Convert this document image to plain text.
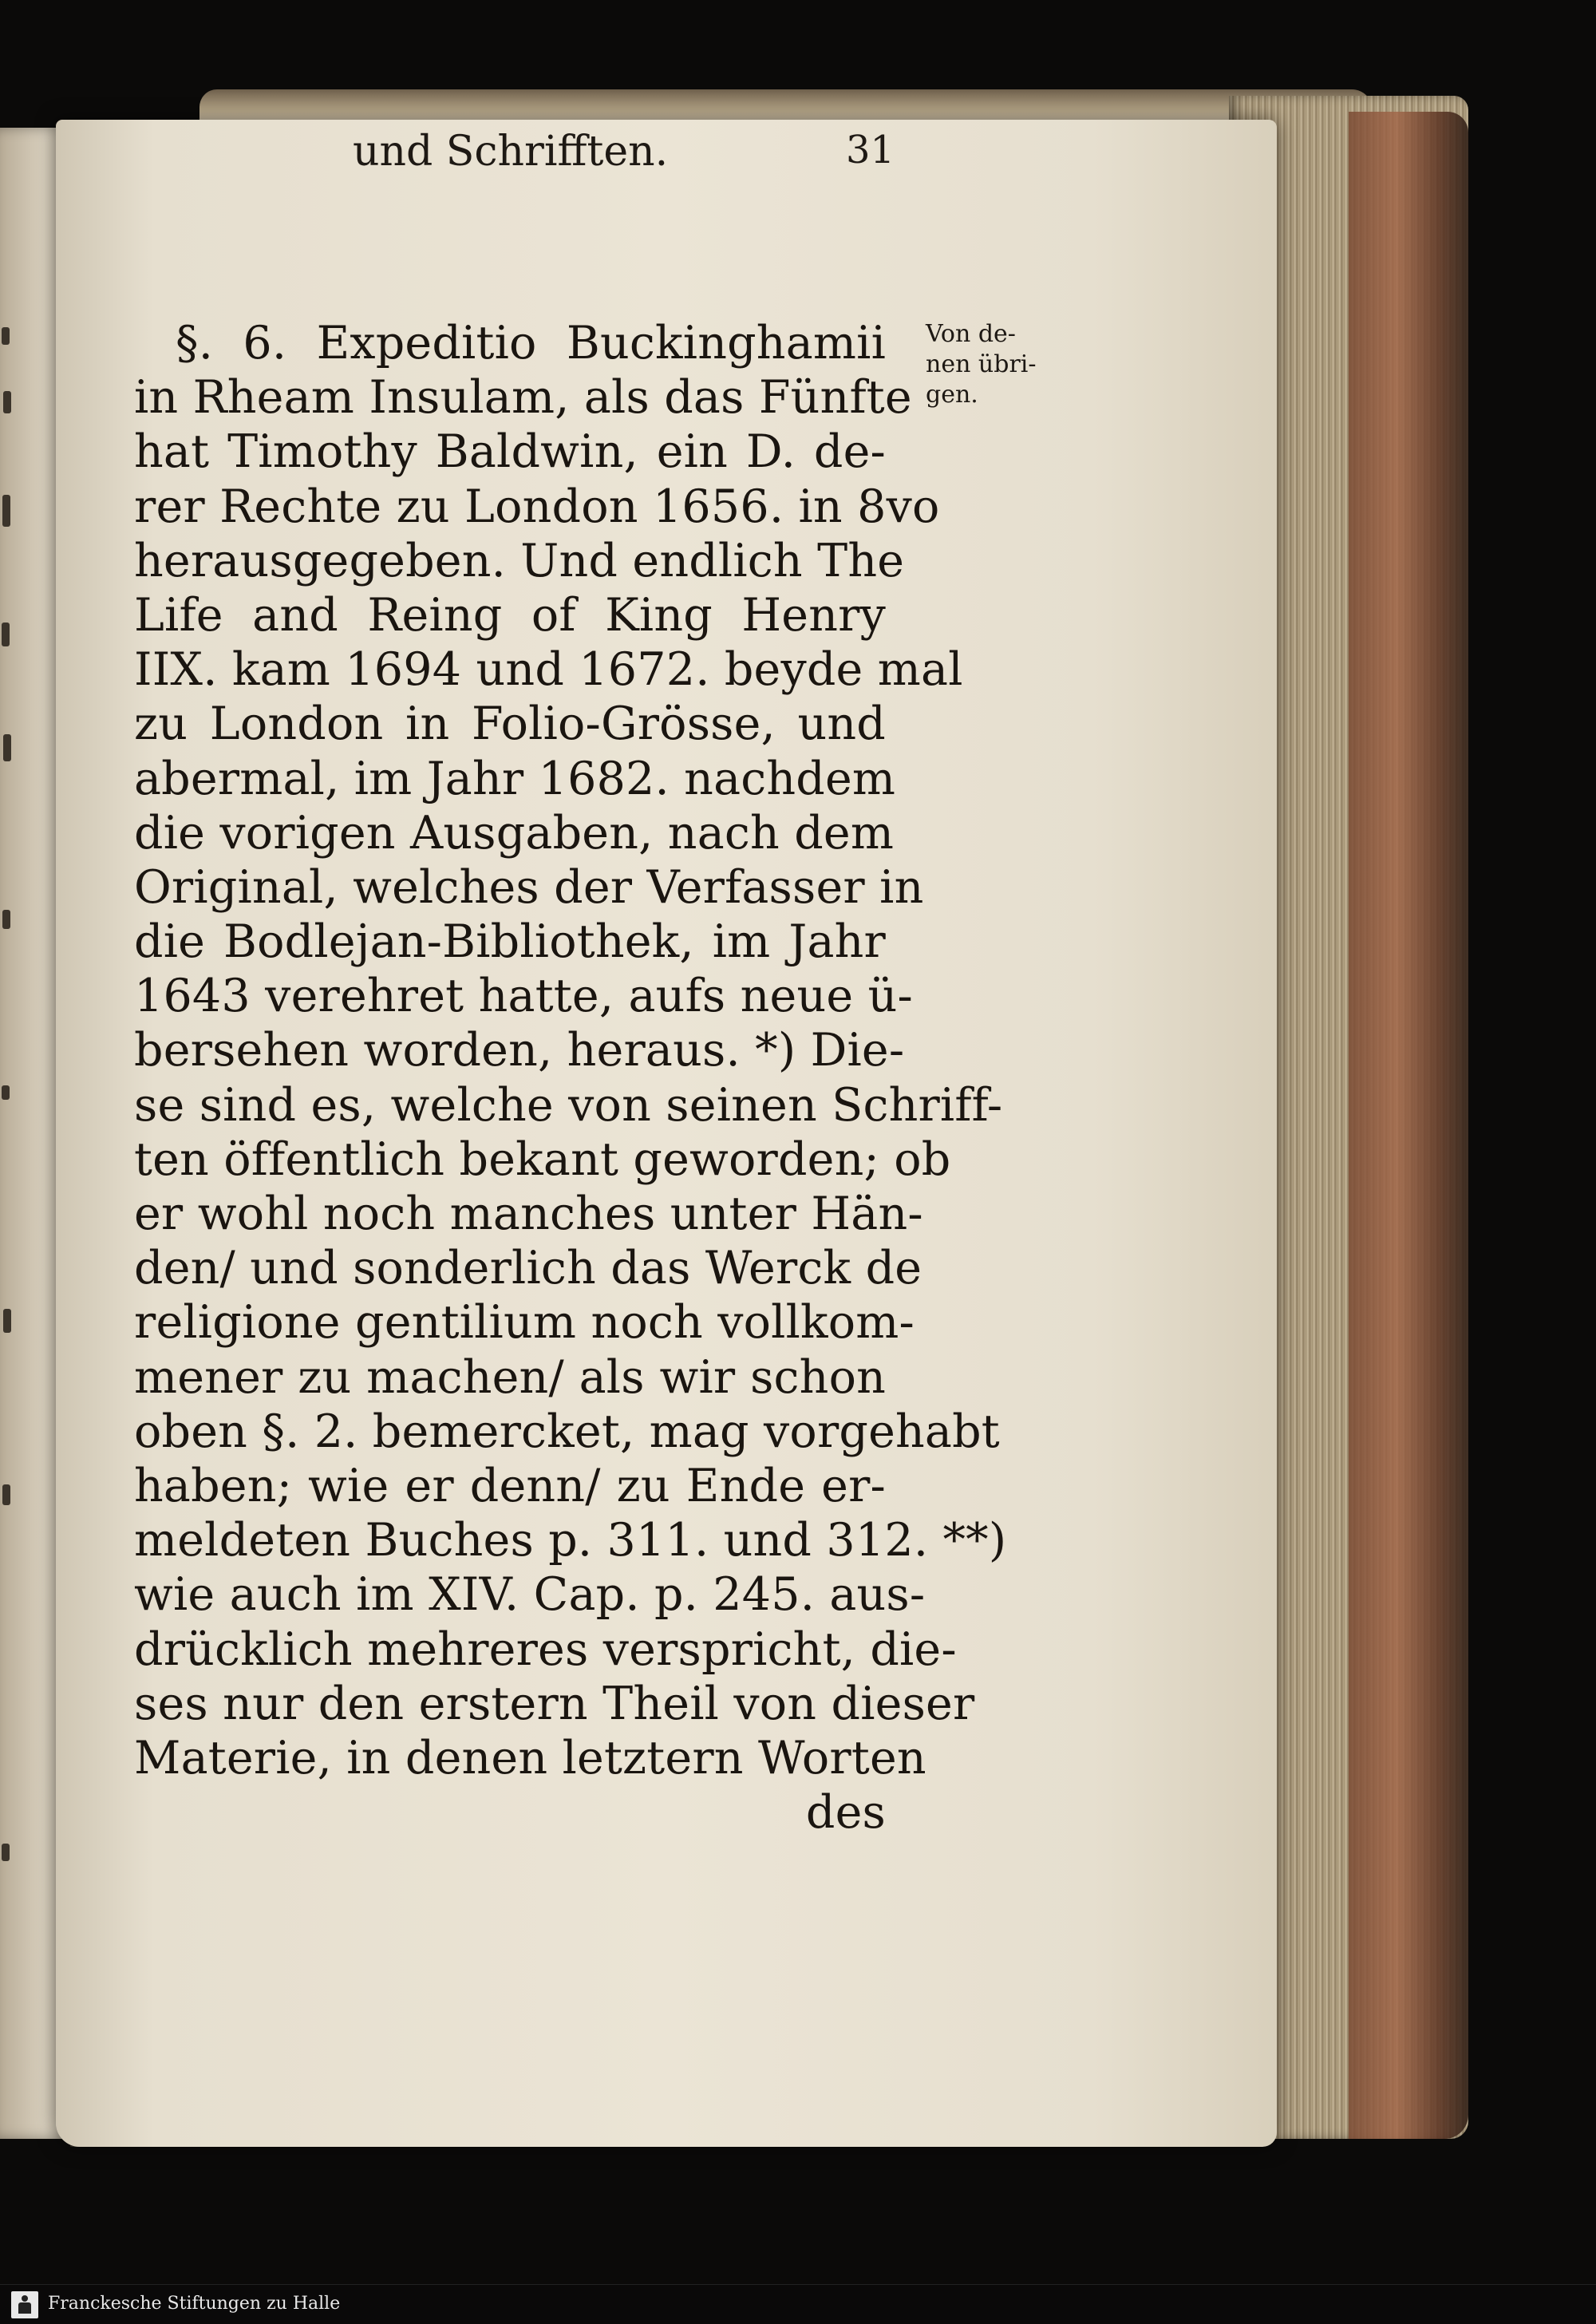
und Schrifften.	31
Von de-
nen übri-
gen.
§. 6. Expeditio Buckinghamii
in Rheam Insulam, als das Fünfte
hat Timothy Baldwin, ein D. de-
rer Rechte zu London 1656. in 8vo
herausgegeben. Und endlich The
Life and Reing of King Henry
IIX. kam 1694 und 1672. beyde mal
zu London in Folio-Grösse, und
abermal, im Jahr 1682. nachdem
die vorigen Ausgaben, nach dem
Original, welches der Verfasser in
die Bodlejan-Bibliothek, im Jahr
1643 verehret hatte, aufs neue ü-
bersehen worden, heraus. *) Die-
se sind es, welche von seinen Schriff-
ten öffentlich bekant geworden; ob
er wohl noch manches unter Hän-
den/ und sonderlich das Werck de
religione gentilium noch vollkom-
mener zu machen/ als wir schon
oben §. 2. bemercket, mag vorgehabt
haben; wie er denn/ zu Ende er-
meldeten Buches p. 311. und 312. **)
wie auch im XIV. Cap. p. 245. aus-
drücklich mehreres verspricht, die-
ses nur den erstern Theil von dieser
Materie, in denen letztern Worten
des
Franckesche Stiftungen zu Halle
